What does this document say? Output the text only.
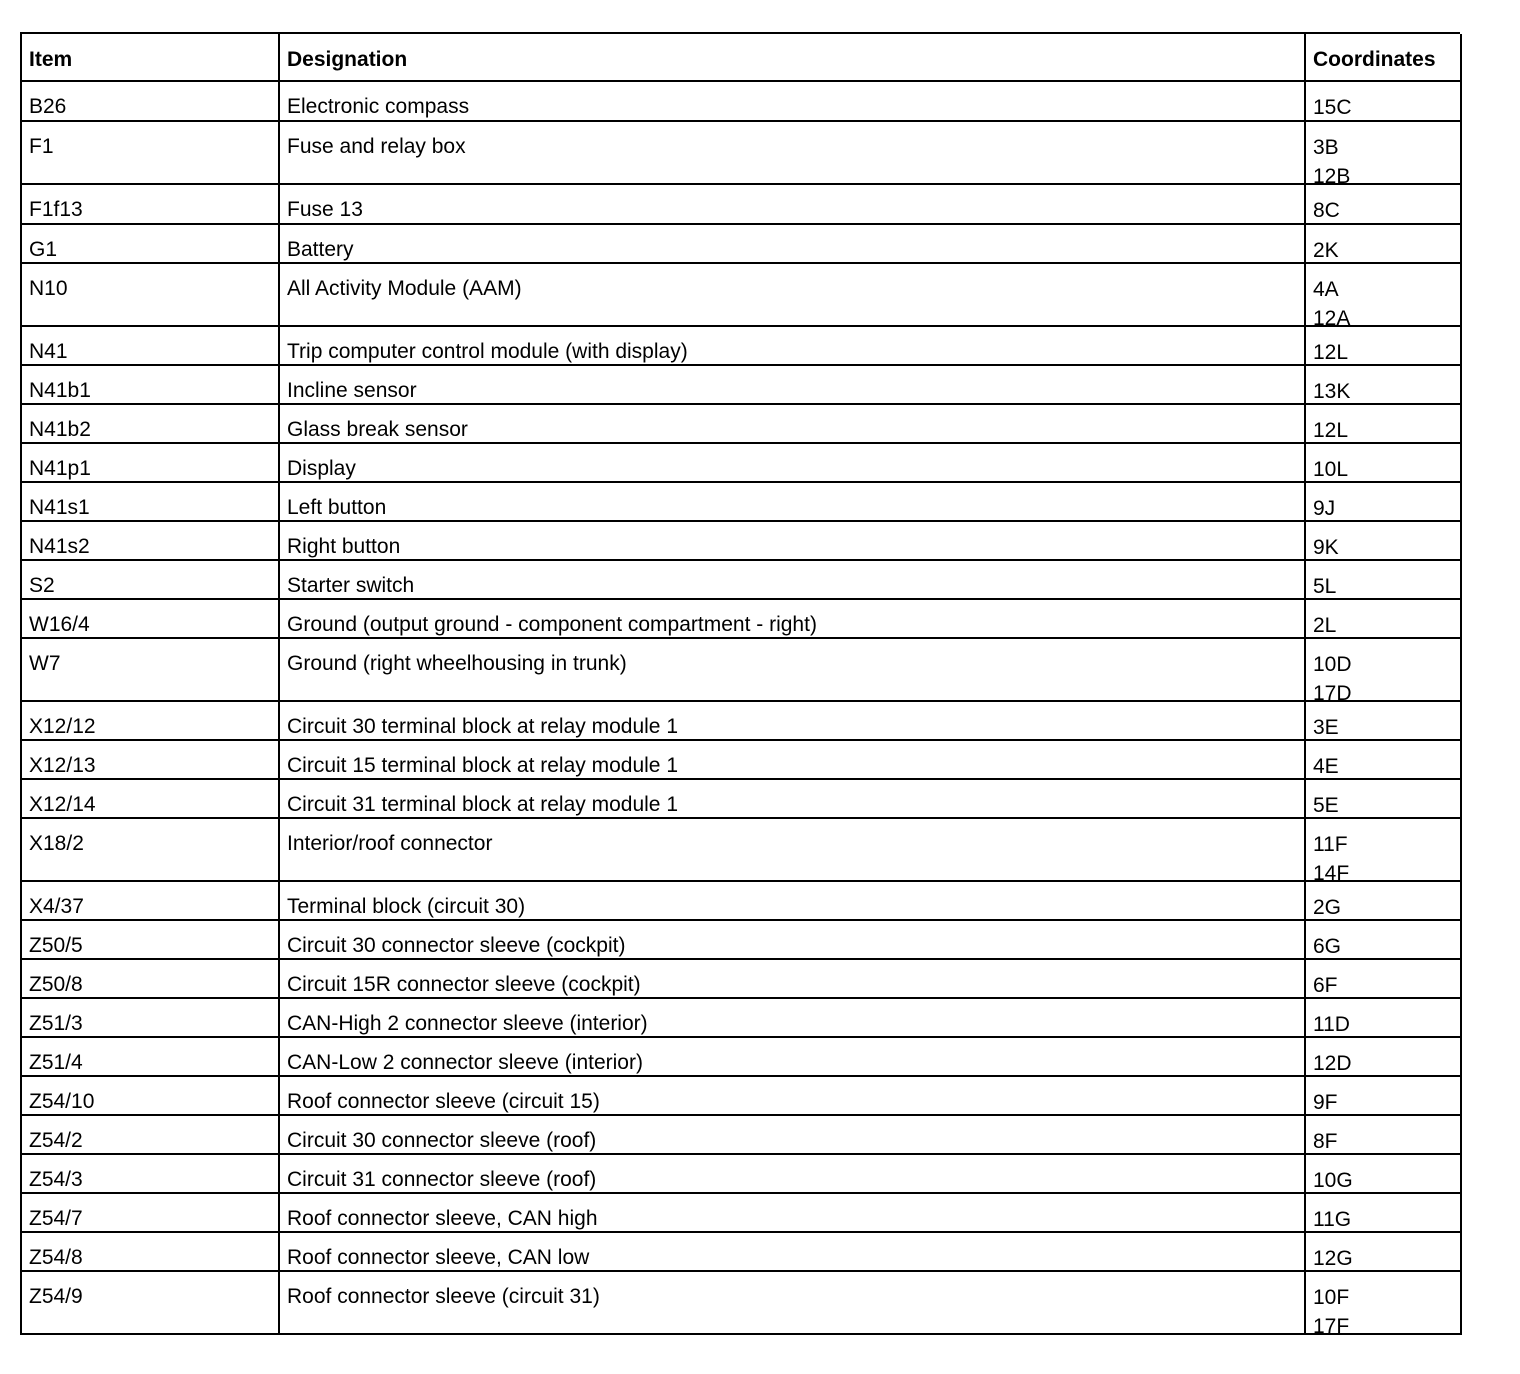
Item	Designation	Coordinates
B26	Electronic compass	15C
F1	Fuse and relay box	3B
12B
F1f13	Fuse 13	8C
G1	Battery	2K
N10	All Activity Module (AAM)	4A
12A
N41	Trip computer control module (with display)	12L
N41b1	Incline sensor	13K
N41b2	Glass break sensor	12L
N41p1	Display	10L
N41s1	Left button	9J
N41s2	Right button	9K
S2	Starter switch	5L
W16/4	Ground (output ground - component compartment - right)	2L
W7	Ground (right wheelhousing in trunk)	10D
17D
X12/12	Circuit 30 terminal block at relay module 1	3E
X12/13	Circuit 15 terminal block at relay module 1	4E
X12/14	Circuit 31 terminal block at relay module 1	5E
X18/2	Interior/roof connector	11F
14F
X4/37	Terminal block (circuit 30)	2G
Z50/5	Circuit 30 connector sleeve (cockpit)	6G
Z50/8	Circuit 15R connector sleeve (cockpit)	6F
Z51/3	CAN-High 2 connector sleeve (interior)	11D
Z51/4	CAN-Low 2 connector sleeve (interior)	12D
Z54/10	Roof connector sleeve (circuit 15)	9F
Z54/2	Circuit 30 connector sleeve (roof)	8F
Z54/3	Circuit 31 connector sleeve (roof)	10G
Z54/7	Roof connector sleeve, CAN high	11G
Z54/8	Roof connector sleeve, CAN low	12G
Z54/9	Roof connector sleeve (circuit 31)	10F
17F
